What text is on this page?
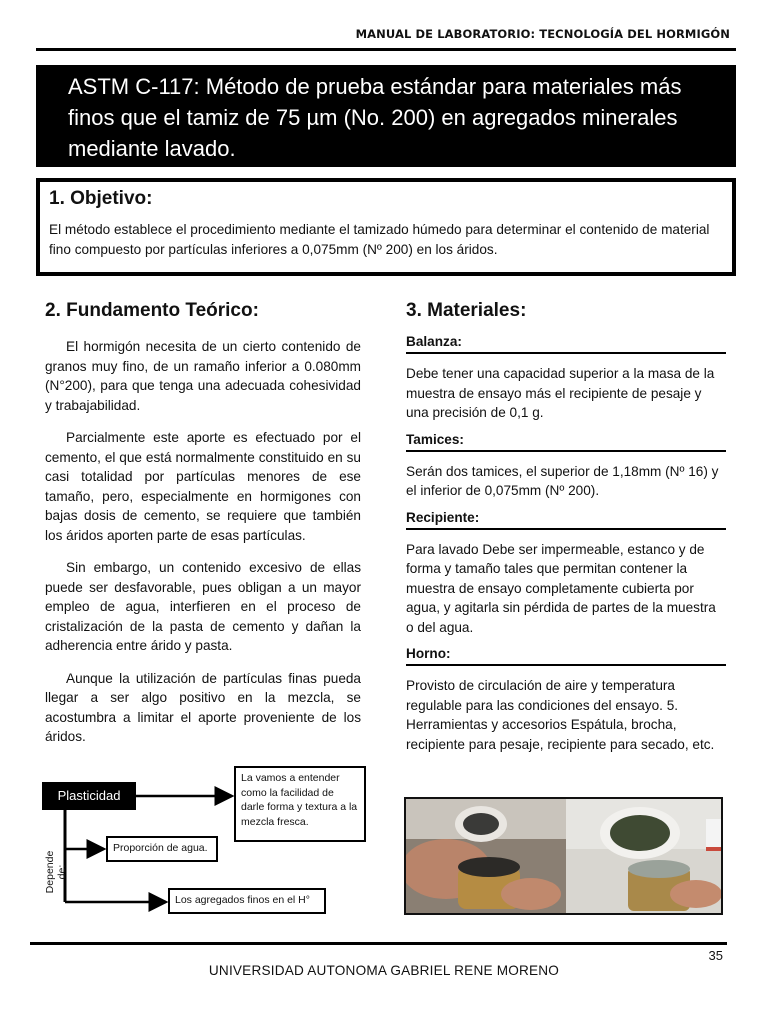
MANUAL DE LABORATORIO: TECNOLOGÍA DEL HORMIGÓN
ASTM C-117: Método de prueba estándar para materiales más finos que el tamiz de 75 µm (No. 200) en agregados minerales mediante lavado.
1. Objetivo:

El método establece el procedimiento mediante el tamizado húmedo para determinar el contenido de material fino compuesto por partículas inferiores a 0,075mm (Nº 200) en los áridos.

2. Fundamento Teórico:

El hormigón necesita de un cierto contenido de granos muy fino, de un ramaño inferior a 0.080mm (N°200), para que tenga una adecuada cohesividad y trabajabilidad.

Parcialmente este aporte es efectuado por el cemento, el que está normalmente constituido en su casi totalidad por partículas menores de ese tamaño, pero, especialmente en hormigones con bajas dosis de cemento, se requiere que también los áridos aporten parte de esas partículas.

Sin embargo, un contenido excesivo de ellas puede ser desfavorable, pues obligan a un mayor empleo de agua, interfieren en el proceso de cristalización de la pasta de cemento y dañan la adherencia entre árido y pasta.

Aunque la utilización de partículas finas pueda llegar a ser algo positivo en la mezcla, se acostumbra a limitar el aporte proveniente de los áridos.

Plasticidad
La vamos a entender como la facilidad de darle forma y textura a la mezcla fresca.
Depende de:
Proporción de agua.
Los agregados finos en el H°
3. Materiales:
Balanza:

Debe tener una capacidad superior a la masa de la muestra de ensayo más el recipiente de pesaje y una precisión de 0,1 g.

Tamices:

Serán dos tamices, el superior de 1,18mm (Nº 16) y el inferior de 0,075mm (Nº 200).

Recipiente:

Para lavado Debe ser impermeable, estanco y de forma y tamaño tales que permitan contener la muestra de ensayo completamente cubierta por agua, y agitarla sin pérdida de partes de la muestra o del agua.

Horno:

Provisto de circulación de aire y temperatura regulable para las condiciones del ensayo. 5. Herramientas y accesorios Espátula, brocha, recipiente para pesaje, recipiente para secado, etc.

35
UNIVERSIDAD AUTONOMA GABRIEL RENE MORENO
